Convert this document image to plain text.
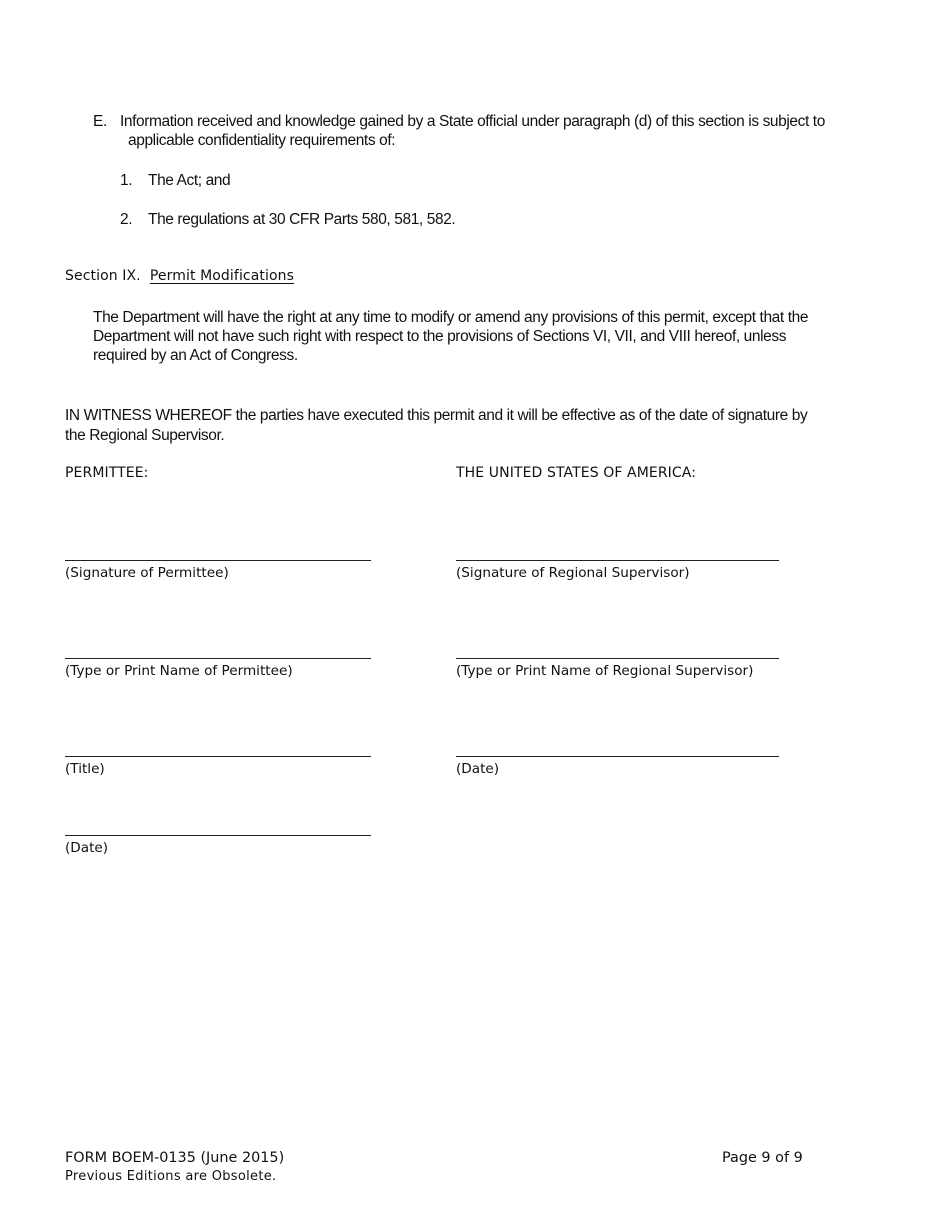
E. Information received and knowledge gained by a State official under paragraph (d) of this section is subject to
applicable confidentiality requirements of:
1. The Act; and
2. The regulations at 30 CFR Parts 580, 581, 582.
Section IX. Permit Modifications
The Department will have the right at any time to modify or amend any provisions of this permit, except that the
Department will not have such right with respect to the provisions of Sections VI, VII, and VIII hereof, unless
required by an Act of Congress.
IN WITNESS WHEREOF the parties have executed this permit and it will be effective as of the date of signature by
the Regional Supervisor.
PERMITTEE:	THE UNITED STATES OF AMERICA:
(Signature of Permittee)
(Type or Print Name of Permittee)
(Title)
(Date)
(Signature of Regional Supervisor)
(Type or Print Name of Regional Supervisor)
(Date)
FORM BOEM-0135 (June 2015)
Previous Editions are Obsolete.
Page 9 of 9
